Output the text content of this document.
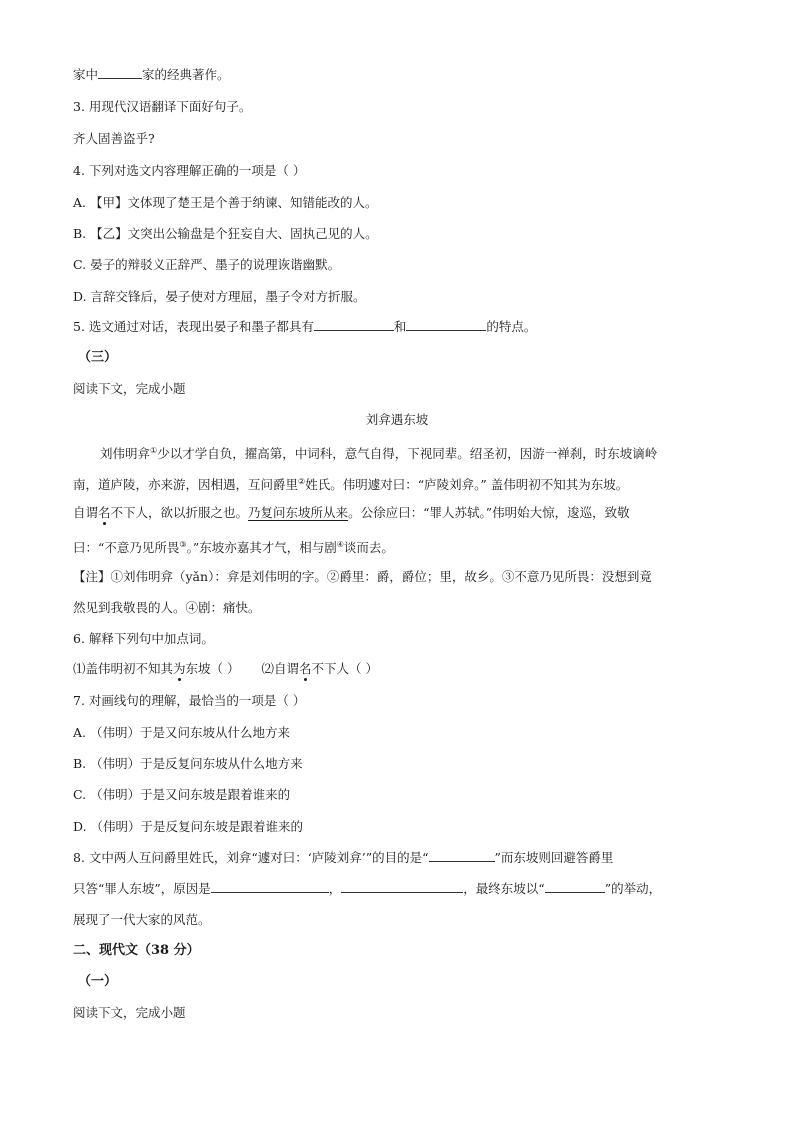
家中	家的经典著作。
3. 用现代汉语翻译下面好句子。
齐人固善盗乎?
4. 下列对选文内容理解正确的一项是（ ）
A. 【甲】文体现了楚王是个善于纳谏、知错能改的人。
B. 【乙】文突出公输盘是个狂妄自大、固执己见的人。
C. 晏子的辩驳义正辞严、墨子的说理诙谐幽默。
D. 言辞交锋后，晏子使对方理屈，墨子令对方折服。
5. 选文通过对话，表现出晏子和墨子都具有	和	的特点。
（三）
阅读下文，完成小题
刘弇遇东坡
刘伟明弇①少以才学自负，擢高第，中词科，意气自得，下视同辈。绍圣初，因游一禅刹，时东坡谪岭
南，道庐陵，亦来游，因相遇，互问爵里②姓氏。伟明遽对曰：“庐陵刘弇。” 盖伟明初不知其为东坡。
自谓名不下人，欲以折服之也。乃复问东坡所从来。公徐应曰：“罪人苏轼。”伟明始大惊，逡巡，致敬
曰：“不意乃见所畏③。”东坡亦嘉其才气，相与剧④谈而去。
【注】①刘伟明弇（yǎn）：弇是刘伟明的字。②爵里：爵，爵位；里，故乡。③不意乃见所畏：没想到竟
然见到我敬畏的人。④剧：痛快。
6. 解释下列句中加点词。
⑴盖伟明初不知其为东坡（ ） ⑵自谓名不下人（ ）
7. 对画线句的理解，最恰当的一项是（ ）
A. （伟明）于是又问东坡从什么地方来
B. （伟明）于是反复问东坡从什么地方来
C. （伟明）于是又问东坡是跟着谁来的
D. （伟明）于是反复问东坡是跟着谁来的
8. 文中两人互问爵里姓氏，刘弇“遽对曰：‘庐陵刘弇’”的目的是“	”而东坡则回避答爵里
只答“罪人东坡”，原因是	，	，最终东坡以“	”的举动，
展现了一代大家的风范。
二、现代文（38 分）
（一）
阅读下文，完成小题
